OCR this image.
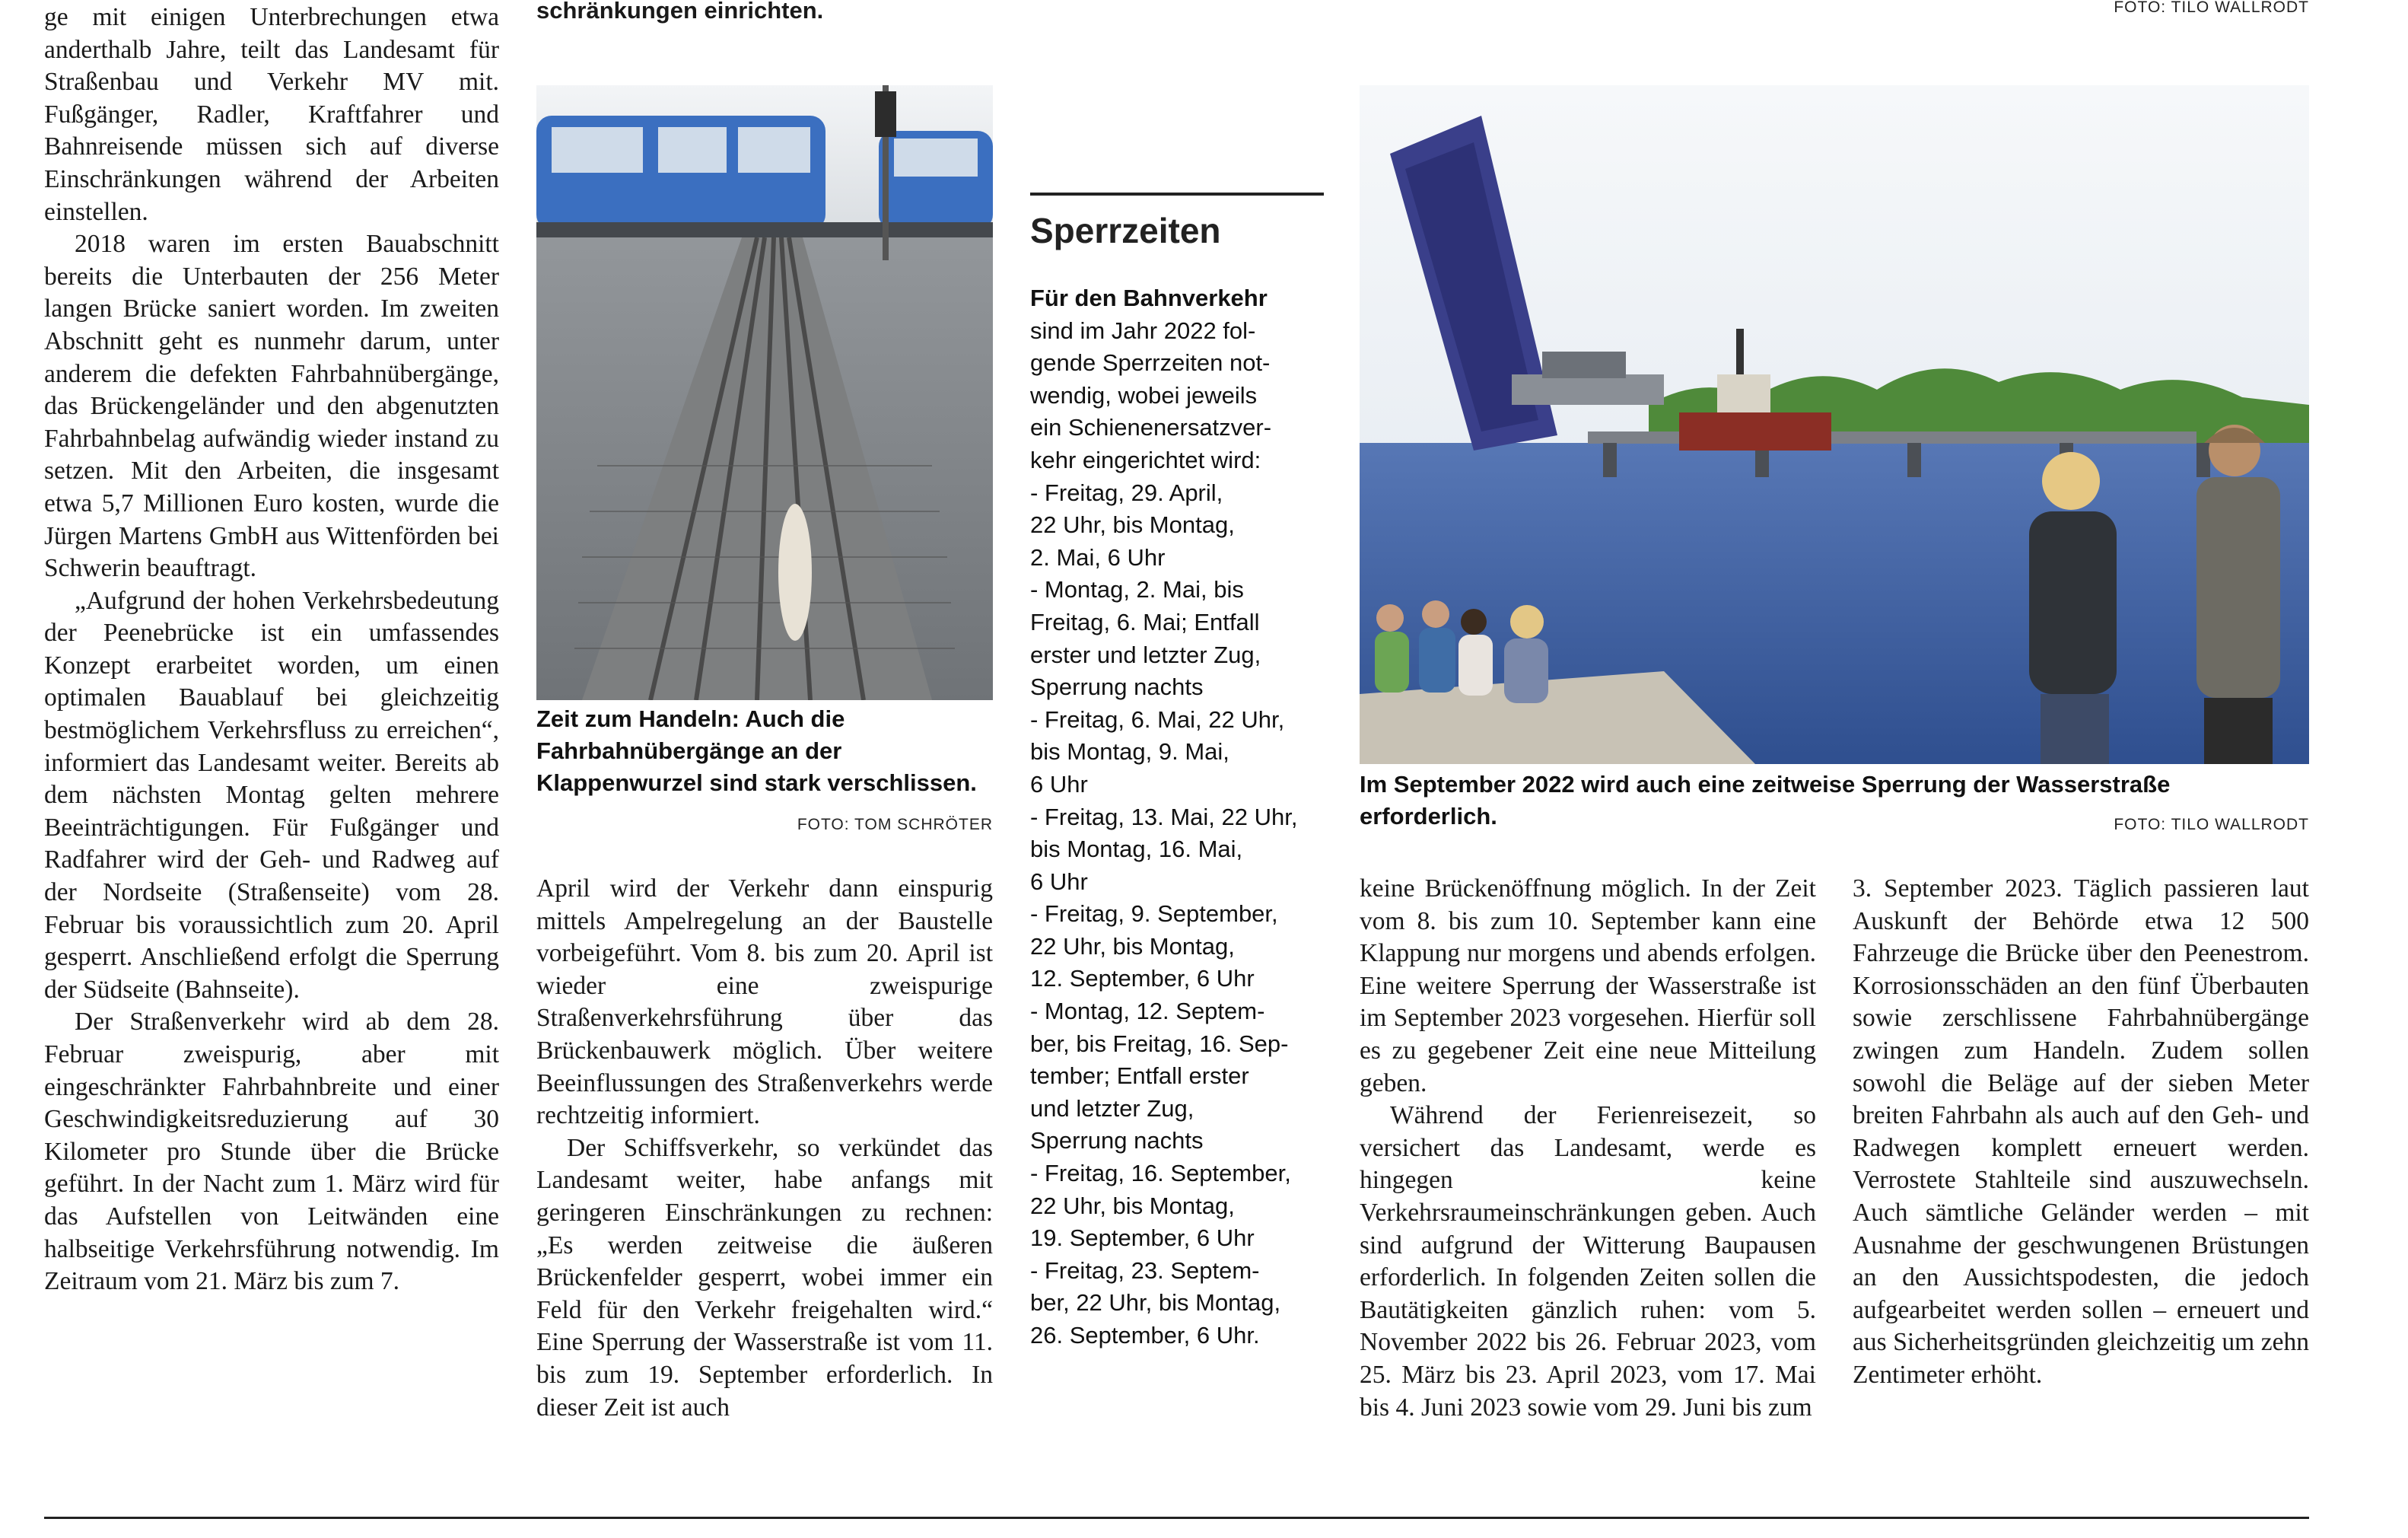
ge mit einigen Unterbrechungen etwa anderthalb Jahre, teilt das Landesamt für Straßenbau und Verkehr MV mit. Fußgänger, Radler, Kraftfahrer und Bahnreisende müssen sich auf diverse Einschränkungen während der Arbeiten einstellen.

2018 waren im ersten Bauabschnitt bereits die Unterbauten der 256 Meter langen Brücke saniert worden. Im zweiten Abschnitt geht es nunmehr darum, unter anderem die defekten Fahrbahnübergänge, das Brückengeländer und den abgenutzten Fahrbahnbelag aufwändig wieder instand zu setzen. Mit den Arbeiten, die insgesamt etwa 5,7 Millionen Euro kosten, wurde die Jürgen Martens GmbH aus Wittenförden bei Schwerin beauftragt.

„Aufgrund der hohen Verkehrsbedeutung der Peenebrücke ist ein umfassendes Konzept erarbeitet worden, um einen optimalen Bauablauf bei gleichzeitig bestmöglichem Verkehrsfluss zu erreichen“, informiert das Landesamt weiter. Bereits ab dem nächsten Montag gelten mehrere Beeinträchtigungen. Für Fußgänger und Radfahrer wird der Geh- und Radweg auf der Nordseite (Straßenseite) vom 28. Februar bis voraussichtlich zum 20. April gesperrt. Anschließend erfolgt die Sperrung der Südseite (Bahnseite).

Der Straßenverkehr wird ab dem 28. Februar zweispurig, aber mit eingeschränkter Fahrbahnbreite und einer Geschwindigkeitsreduzierung auf 30 Kilometer pro Stunde über die Brücke geführt. In der Nacht zum 1. März wird für das Aufstellen von Leitwänden eine halbseitige Verkehrsführung notwendig. Im Zeitraum vom 21. März bis zum 7.

schränkungen einrichten.	FOTO: TILO WALLRODT
Zeit zum Handeln: Auch die Fahrbahnübergänge an der Klappenwurzel sind stark verschlissen.
FOTO: TOM SCHRÖTER

April wird der Verkehr dann einspurig mittels Ampelregelung an der Baustelle vorbeigeführt. Vom 8. bis zum 20. April ist wieder eine zweispurige Straßenverkehrsführung über das Brückenbauwerk möglich. Über weitere Beeinflussungen des Straßenverkehrs werde rechtzeitig informiert.

Der Schiffsverkehr, so verkündet das Landesamt weiter, habe anfangs mit geringeren Einschränkungen zu rechnen: „Es werden zeitweise die äußeren Brückenfelder gesperrt, wobei immer ein Feld für den Verkehr freigehalten wird.“ Eine Sperrung der Wasserstraße ist vom 11. bis zum 19. September erforderlich. In dieser Zeit ist auch

Sperrzeiten
Für den Bahnverkehr
sind im Jahr 2022 fol-
gende Sperrzeiten not-
wendig, wobei jeweils
ein Schienenersatzver-
kehr eingerichtet wird:
- Freitag, 29. April,
22 Uhr, bis Montag,
2. Mai, 6 Uhr
- Montag, 2. Mai, bis
Freitag, 6. Mai; Entfall
erster und letzter Zug,
Sperrung nachts
- Freitag, 6. Mai, 22 Uhr,
bis Montag, 9. Mai,
6 Uhr
- Freitag, 13. Mai, 22 Uhr,
bis Montag, 16. Mai,
6 Uhr
- Freitag, 9. September,
22 Uhr, bis Montag,
12. September, 6 Uhr
- Montag, 12. Septem-
ber, bis Freitag, 16. Sep-
tember; Entfall erster
und letzter Zug,
Sperrung nachts
- Freitag, 16. September,
22 Uhr, bis Montag,
19. September, 6 Uhr
- Freitag, 23. Septem-
ber, 22 Uhr, bis Montag,
26. September, 6 Uhr.
Im September 2022 wird auch eine zeitweise Sperrung der Wasserstraße erforderlich.	FOTO: TILO WALLRODT

keine Brückenöffnung möglich. In der Zeit vom 8. bis zum 10. September kann eine Klappung nur morgens und abends erfolgen. Eine weitere Sperrung der Wasserstraße ist im September 2023 vorgesehen. Hierfür soll es zu gegebener Zeit eine neue Mitteilung geben.

Während der Ferienreisezeit, so versichert das Landesamt, werde es hingegen keine Verkehrsraumeinschränkungen geben. Auch sind aufgrund der Witterung Baupausen erforderlich. In folgenden Zeiten sollen die Bautätigkeiten gänzlich ruhen: vom 5. November 2022 bis 26. Februar 2023, vom 25. März bis 23. April 2023, vom 17. Mai bis 4. Juni 2023 sowie vom 29. Juni bis zum

3. September 2023. Täglich passieren laut Auskunft der Behörde etwa 12 500 Fahrzeuge die Brücke über den Peenestrom. Korrosionsschäden an den fünf Überbauten sowie zerschlissene Fahrbahnübergänge zwingen zum Handeln. Zudem sollen sowohl die Beläge auf der sieben Meter breiten Fahrbahn als auch auf den Geh- und Radwegen komplett erneuert werden. Verrostete Stahlteile sind auszuwechseln. Auch sämtliche Geländer werden – mit Ausnahme der geschwungenen Brüstungen an den Aussichtspodesten, die jedoch aufgearbeitet werden sollen – erneuert und aus Sicherheitsgründen gleichzeitig um zehn Zentimeter erhöht.
